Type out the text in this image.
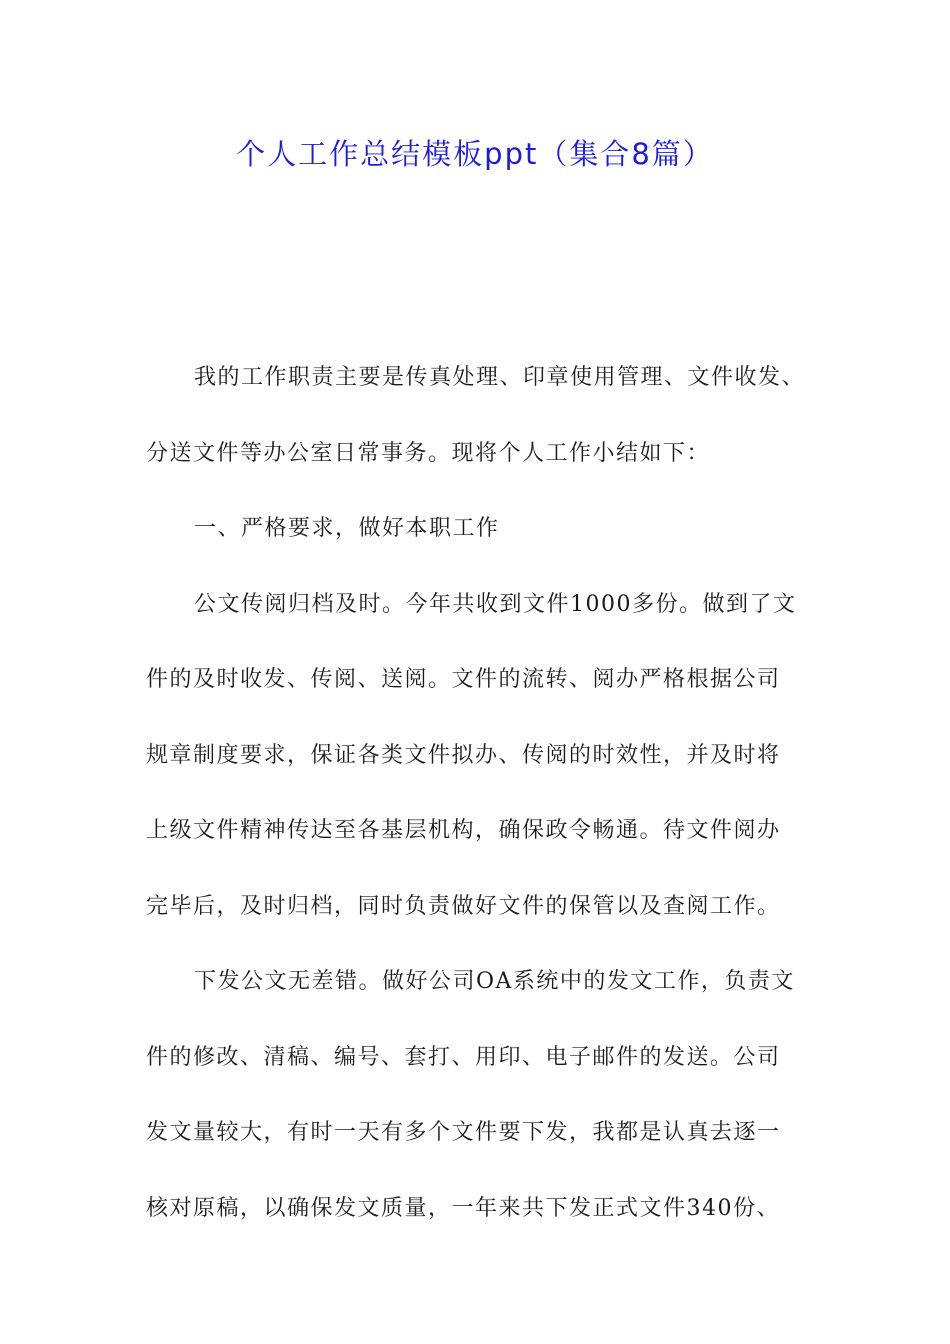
个人工作总结模板ppt（集合8篇）
我的工作职责主要是传真处理、印章使用管理、文件收发、
分送文件等办公室日常事务。现将个人工作小结如下：
一、严格要求，做好本职工作
公文传阅归档及时。今年共收到文件1000多份。做到了文
件的及时收发、传阅、送阅。文件的流转、阅办严格根据公司
规章制度要求，保证各类文件拟办、传阅的时效性，并及时将
上级文件精神传达至各基层机构，确保政令畅通。待文件阅办
完毕后，及时归档，同时负责做好文件的保管以及查阅工作。
下发公文无差错。做好公司OA系统中的发文工作，负责文
件的修改、清稿、编号、套打、用印、电子邮件的发送。公司
发文量较大，有时一天有多个文件要下发，我都是认真去逐一
核对原稿，以确保发文质量，一年来共下发正式文件340份、
